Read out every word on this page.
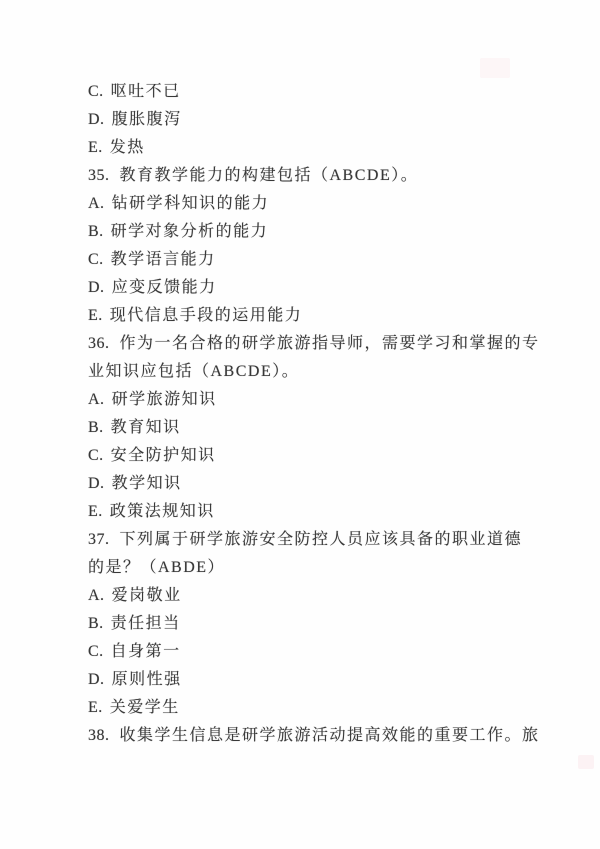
C. 呕吐不已
D. 腹胀腹泻
E. 发热
35. 教育教学能力的构建包括（ABCDE）。
A. 钻研学科知识的能力
B. 研学对象分析的能力
C. 教学语言能力
D. 应变反馈能力
E. 现代信息手段的运用能力
36. 作为一名合格的研学旅游指导师，需要学习和掌握的专
业知识应包括（ABCDE）。
A. 研学旅游知识
B. 教育知识
C. 安全防护知识
D. 教学知识
E. 政策法规知识
37. 下列属于研学旅游安全防控人员应该具备的职业道德
的是？（ABDE）
A. 爱岗敬业
B. 责任担当
C. 自身第一
D. 原则性强
E. 关爱学生
38. 收集学生信息是研学旅游活动提高效能的重要工作。旅
